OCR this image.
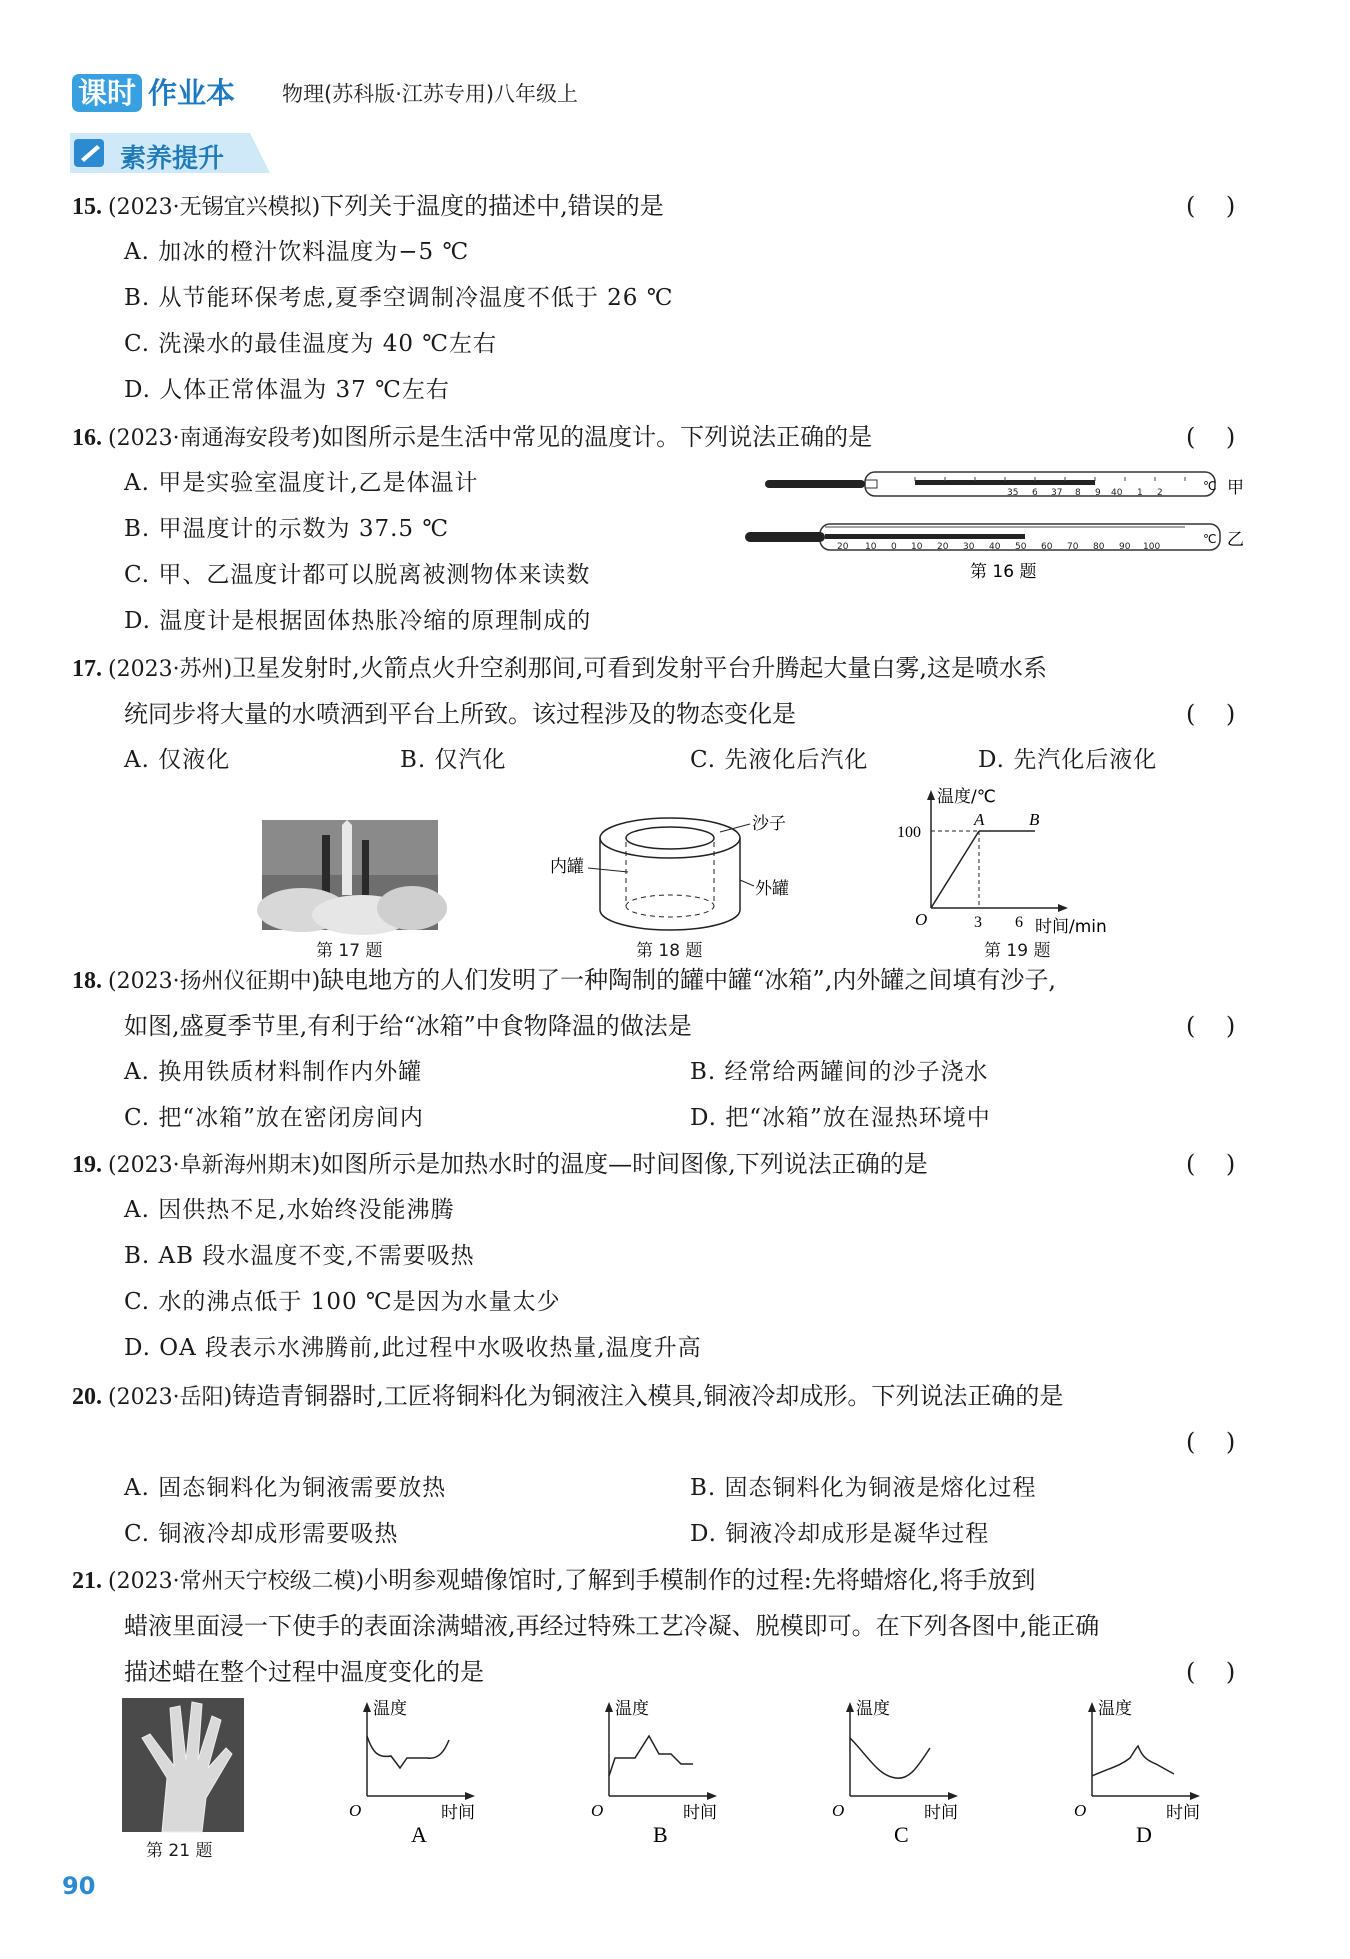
课时 作业本 物理(苏科版·江苏专用)八年级上
素养提升
15. (2023·无锡宜兴模拟)下列关于温度的描述中,错误的是	(    )
A. 加冰的橙汁饮料温度为−5 ℃
B. 从节能环保考虑,夏季空调制冷温度不低于 26 ℃
C. 洗澡水的最佳温度为 40 ℃左右
D. 人体正常体温为 37 ℃左右
16. (2023·南通海安段考)如图所示是生活中常见的温度计。下列说法正确的是	(    )
A. 甲是实验室温度计,乙是体温计
B. 甲温度计的示数为 37.5 ℃
C. 甲、乙温度计都可以脱离被测物体来读数
D. 温度计是根据固体热胀冷缩的原理制成的
35 6 37 8 9 40 1 2	℃ 甲
20 10 0 10 20 30 40 50 60 70 80 90 100
℃ 乙
第 16 题
17. (2023·苏州)卫星发射时,火箭点火升空刹那间,可看到发射平台升腾起大量白雾,这是喷水系
统同步将大量的水喷洒到平台上所致。该过程涉及的物态变化是	(    )
A. 仅液化	B. 仅汽化	C. 先液化后汽化	D. 先汽化后液化
第 17 题
沙子
内罐
外罐
第 18 题
温度/℃
100
A	B
O	3 6 时间/min
第 19 题
18. (2023·扬州仪征期中)缺电地方的人们发明了一种陶制的罐中罐“冰箱”,内外罐之间填有沙子,
如图,盛夏季节里,有利于给“冰箱”中食物降温的做法是	(    )
A. 换用铁质材料制作内外罐	B. 经常给两罐间的沙子浇水
C. 把“冰箱”放在密闭房间内	D. 把“冰箱”放在湿热环境中
19. (2023·阜新海州期末)如图所示是加热水时的温度—时间图像,下列说法正确的是	(    )
A. 因供热不足,水始终没能沸腾
B. AB 段水温度不变,不需要吸热
C. 水的沸点低于 100 ℃是因为水量太少
D. OA 段表示水沸腾前,此过程中水吸收热量,温度升高
20. (2023·岳阳)铸造青铜器时,工匠将铜料化为铜液注入模具,铜液冷却成形。下列说法正确的是
(    )
A. 固态铜料化为铜液需要放热	B. 固态铜料化为铜液是熔化过程
C. 铜液冷却成形需要吸热	D. 铜液冷却成形是凝华过程
21. (2023·常州天宁校级二模)小明参观蜡像馆时,了解到手模制作的过程:先将蜡熔化,将手放到
蜡液里面浸一下使手的表面涂满蜡液,再经过特殊工艺冷凝、脱模即可。在下列各图中,能正确
描述蜡在整个过程中温度变化的是	(    )
第 21 题
温度
O	时间
A
温度
O	时间
B
温度
O	时间
C
温度
O	时间
D
90
